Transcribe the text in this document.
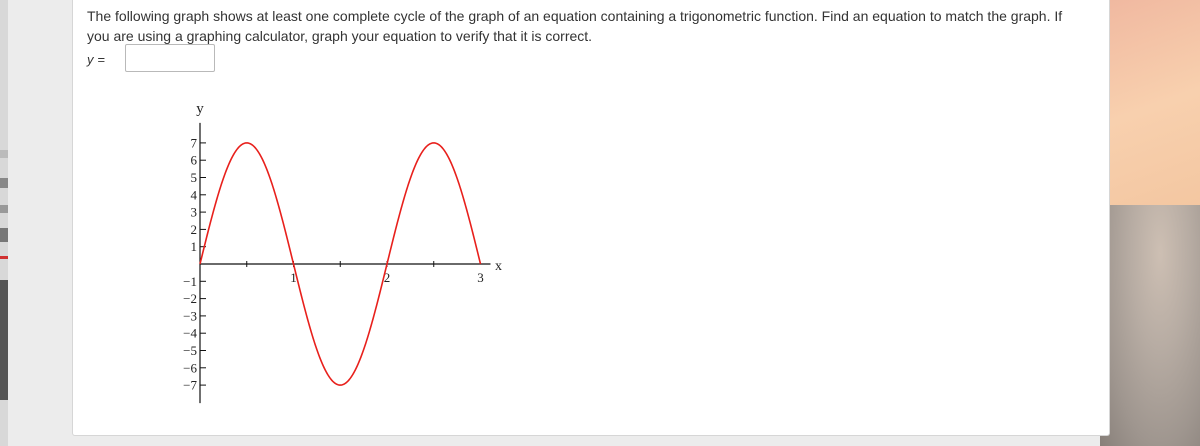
The following graph shows at least one complete cycle of the graph of an equation containing a trigonometric function. Find an equation to match the graph. If you are using a graphing calculator, graph your equation to verify that it is correct.
y =
7
6
5
4
3
2
1
−1
−2
−3
−4
−5
−6
−7
1	2	3
y
x
